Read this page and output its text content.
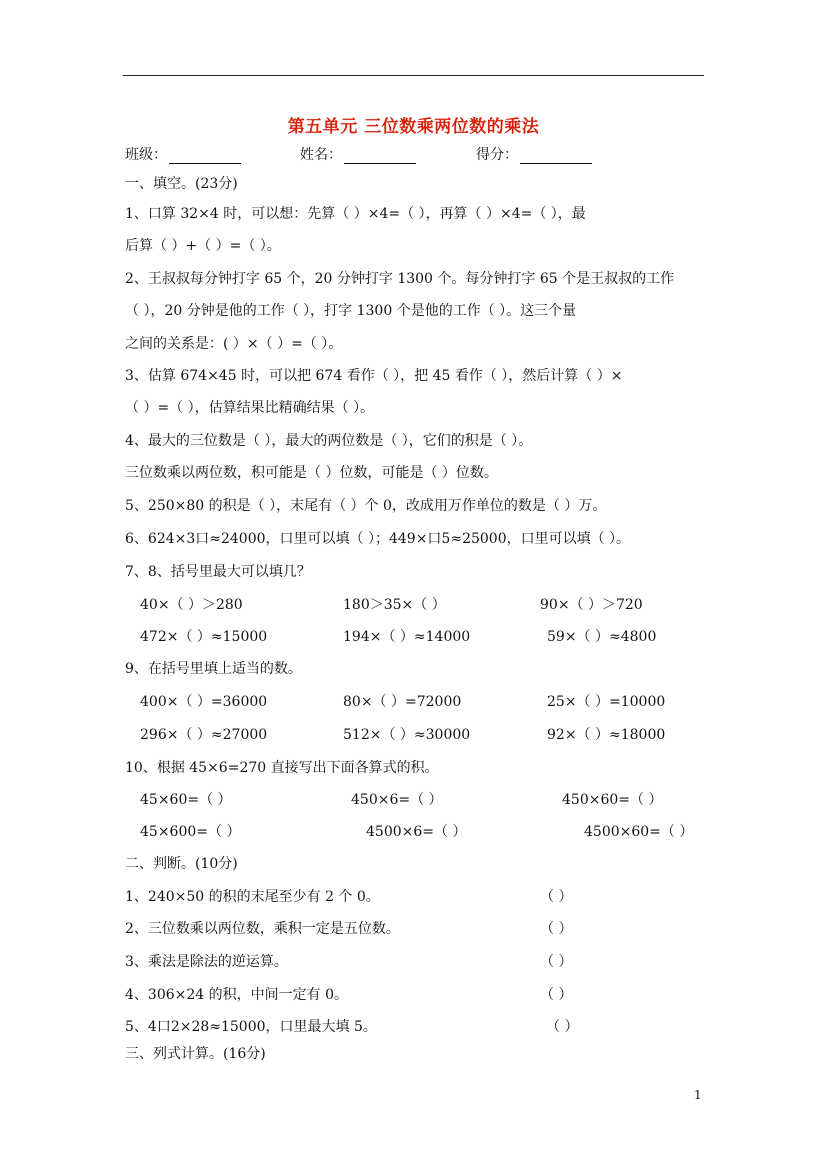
第五单元 三位数乘两位数的乘法
班级：	姓名：	得分：
一、填空。(23分)
1、口算 32×4 时，可以想：先算（ ）×4=（ ），再算（ ）×4=（ ），最
后算（ ）+（ ）=（ ）。
2、王叔叔每分钟打字 65 个，20 分钟打字 1300 个。每分钟打字 65 个是王叔叔的工作
（ ），20 分钟是他的工作（ ），打字 1300 个是他的工作（ ）。这三个量
之间的关系是：( ）×（ ）=（ ）。
3、估算 674×45 时，可以把 674 看作（ ），把 45 看作（ ），然后计算（ ）×
（ ）=（ ），估算结果比精确结果（ ）。
4、最大的三位数是（ ），最大的两位数是（ ），它们的积是（ ）。
三位数乘以两位数，积可能是（ ）位数，可能是（ ）位数。
5、250×80 的积是（ ），末尾有（ ）个 0，改成用万作单位的数是（ ）万。
6、624×3口≈24000，口里可以填（ ）；449×口5≈25000，口里可以填（ ）。
7、8、括号里最大可以填几？
40×（ ）＞280	180＞35×（ ）	90×（ ）＞720
472×（ ）≈15000	194×（ ）≈14000	59×（ ）≈4800
9、在括号里填上适当的数。
400×（ ）=36000	80×（ ）=72000	25×（ ）=10000
296×（ ）≈27000	512×（ ）≈30000	92×（ ）≈18000
10、根据 45×6=270 直接写出下面各算式的积。
45×60=（ ）	450×6=（ ）	450×60=（ ）
45×600=（ ）	4500×6=（ ）	4500×60=（ ）
二、判断。(10分)
1、240×50 的积的末尾至少有 2 个 0。	（ ）
2、三位数乘以两位数，乘积一定是五位数。	（ ）
3、乘法是除法的逆运算。	（ ）
4、306×24 的积，中间一定有 0。	（ ）
5、4口2×28≈15000，口里最大填 5。	（ ）
三、列式计算。(16分)
1
